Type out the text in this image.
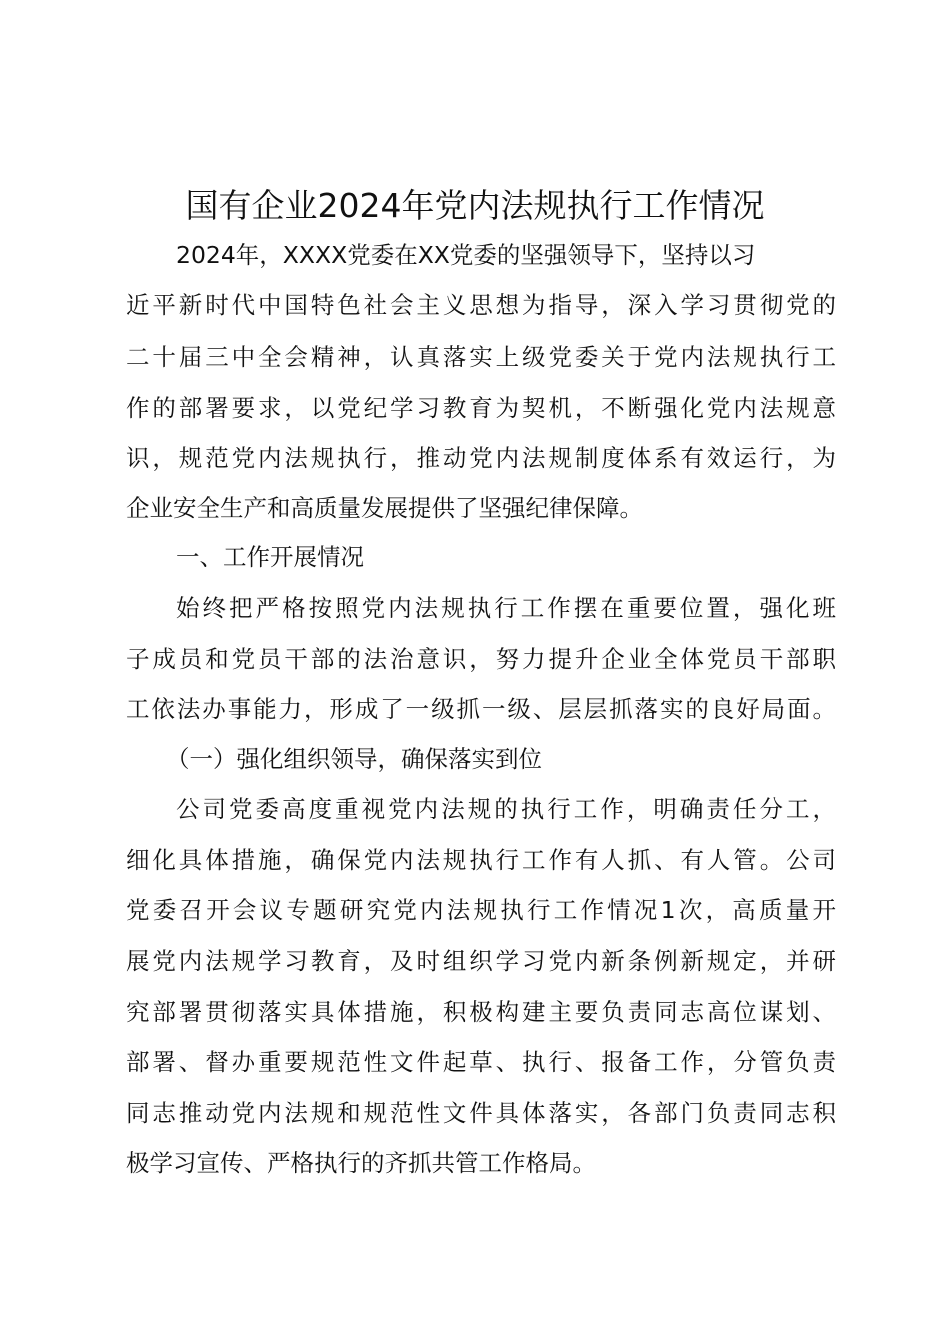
国有企业2024年党内法规执行工作情况

2024年，XXXX党委在XX党委的坚强领导下，坚持以习

近平新时代中国特色社会主义思想为指导，深入学习贯彻党的

二十届三中全会精神，认真落实上级党委关于党内法规执行工

作的部署要求，以党纪学习教育为契机，不断强化党内法规意

识，规范党内法规执行，推动党内法规制度体系有效运行，为

企业安全生产和高质量发展提供了坚强纪律保障。

一、工作开展情况

始终把严格按照党内法规执行工作摆在重要位置，强化班

子成员和党员干部的法治意识，努力提升企业全体党员干部职

工依法办事能力，形成了一级抓一级、层层抓落实的良好局面。

（一）强化组织领导，确保落实到位

公司党委高度重视党内法规的执行工作，明确责任分工，

细化具体措施，确保党内法规执行工作有人抓、有人管。公司

党委召开会议专题研究党内法规执行工作情况1次，高质量开

展党内法规学习教育，及时组织学习党内新条例新规定，并研

究部署贯彻落实具体措施，积极构建主要负责同志高位谋划、

部署、督办重要规范性文件起草、执行、报备工作，分管负责

同志推动党内法规和规范性文件具体落实，各部门负责同志积

极学习宣传、严格执行的齐抓共管工作格局。
